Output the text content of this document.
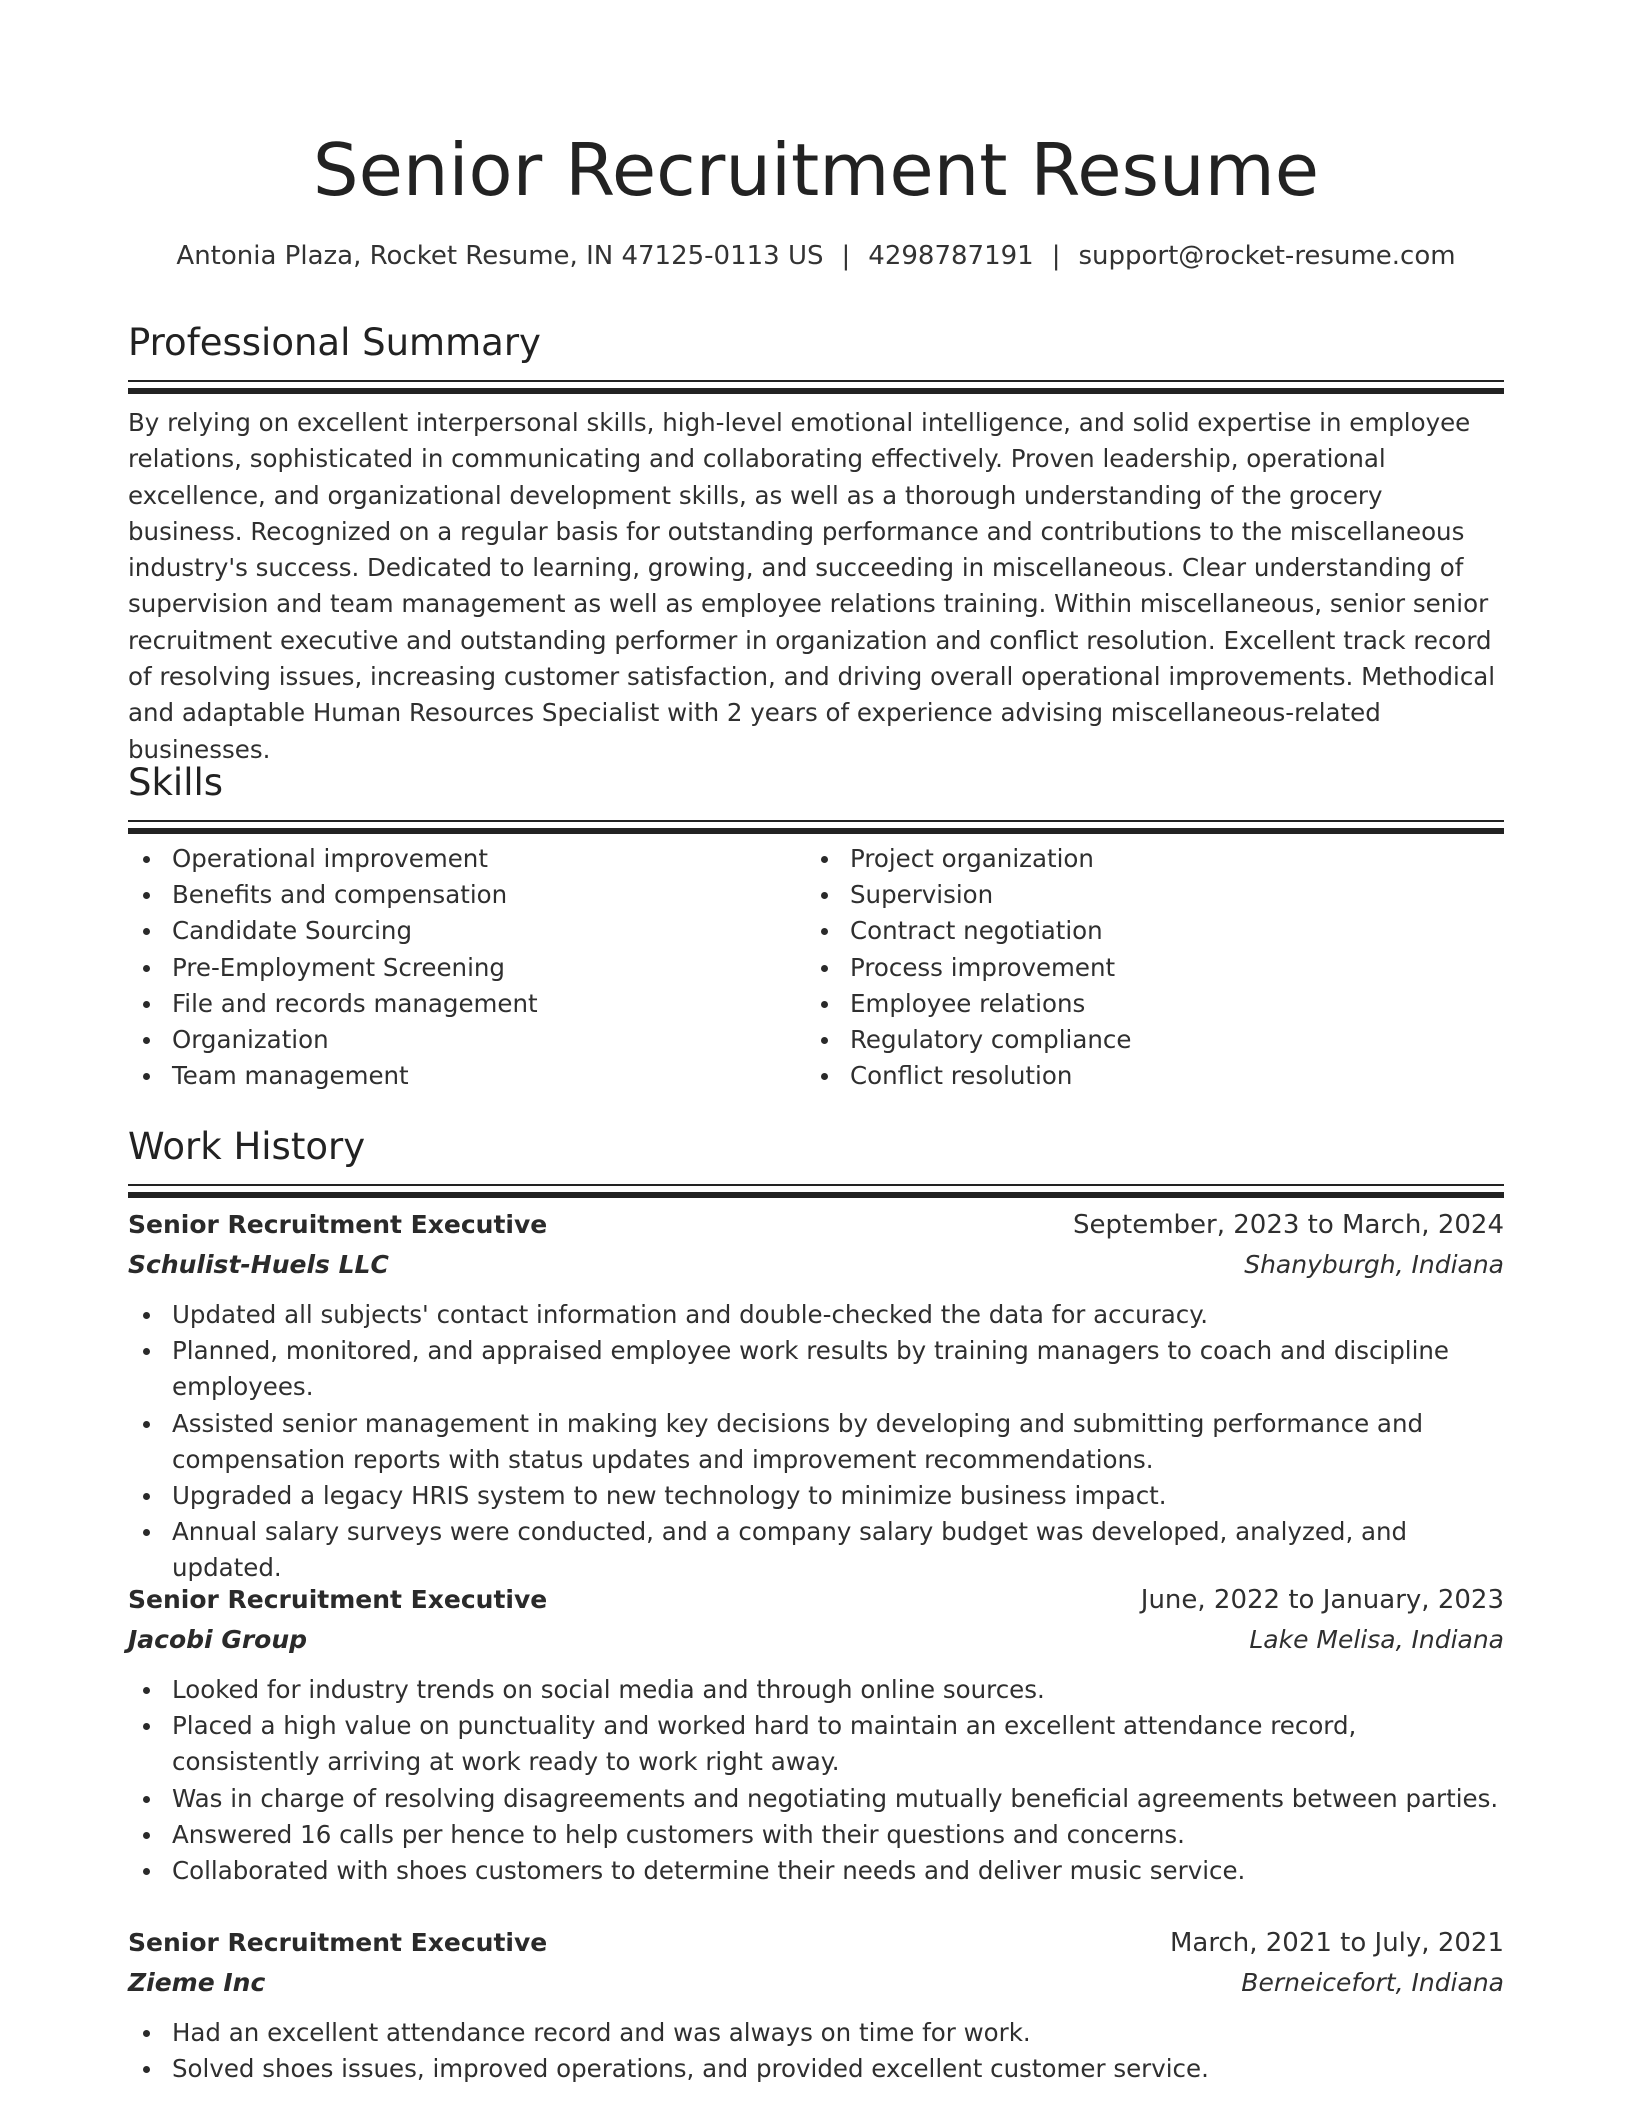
Senior Recruitment Resume
Antonia Plaza, Rocket Resume, IN 47125-0113 US | 4298787191 | support@rocket-resume.com
Professional Summary

By relying on excellent interpersonal skills, high-level emotional intelligence, and solid expertise in employee relations, sophisticated in communicating and collaborating effectively. Proven leadership, operational excellence, and organizational development skills, as well as a thorough understanding of the grocery business. Recognized on a regular basis for outstanding performance and contributions to the miscellaneous industry's success. Dedicated to learning, growing, and succeeding in miscellaneous. Clear understanding of supervision and team management as well as employee relations training. Within miscellaneous, senior senior recruitment executive and outstanding performer in organization and conflict resolution. Excellent track record of resolving issues, increasing customer satisfaction, and driving overall operational improvements. Methodical and adaptable Human Resources Specialist with 2 years of experience advising miscellaneous-related businesses.

Skills
Operational improvement
Benefits and compensation
Candidate Sourcing
Pre-Employment Screening
File and records management
Organization
Team management
Project organization
Supervision
Contract negotiation
Process improvement
Employee relations
Regulatory compliance
Conflict resolution
Work History
Senior Recruitment Executive	September, 2023 to March, 2024
Schulist-Huels LLC	Shanyburgh, Indiana
Updated all subjects' contact information and double-checked the data for accuracy.
Planned, monitored, and appraised employee work results by training managers to coach and discipline employees.
Assisted senior management in making key decisions by developing and submitting performance and compensation reports with status updates and improvement recommendations.
Upgraded a legacy HRIS system to new technology to minimize business impact.
Annual salary surveys were conducted, and a company salary budget was developed, analyzed, and updated.
Senior Recruitment Executive	June, 2022 to January, 2023
Jacobi Group	Lake Melisa, Indiana
Looked for industry trends on social media and through online sources.
Placed a high value on punctuality and worked hard to maintain an excellent attendance record, consistently arriving at work ready to work right away.
Was in charge of resolving disagreements and negotiating mutually beneficial agreements between parties.
Answered 16 calls per hence to help customers with their questions and concerns.
Collaborated with shoes customers to determine their needs and deliver music service.
Senior Recruitment Executive	March, 2021 to July, 2021
Zieme Inc	Berneicefort, Indiana
Had an excellent attendance record and was always on time for work.
Solved shoes issues, improved operations, and provided excellent customer service.
